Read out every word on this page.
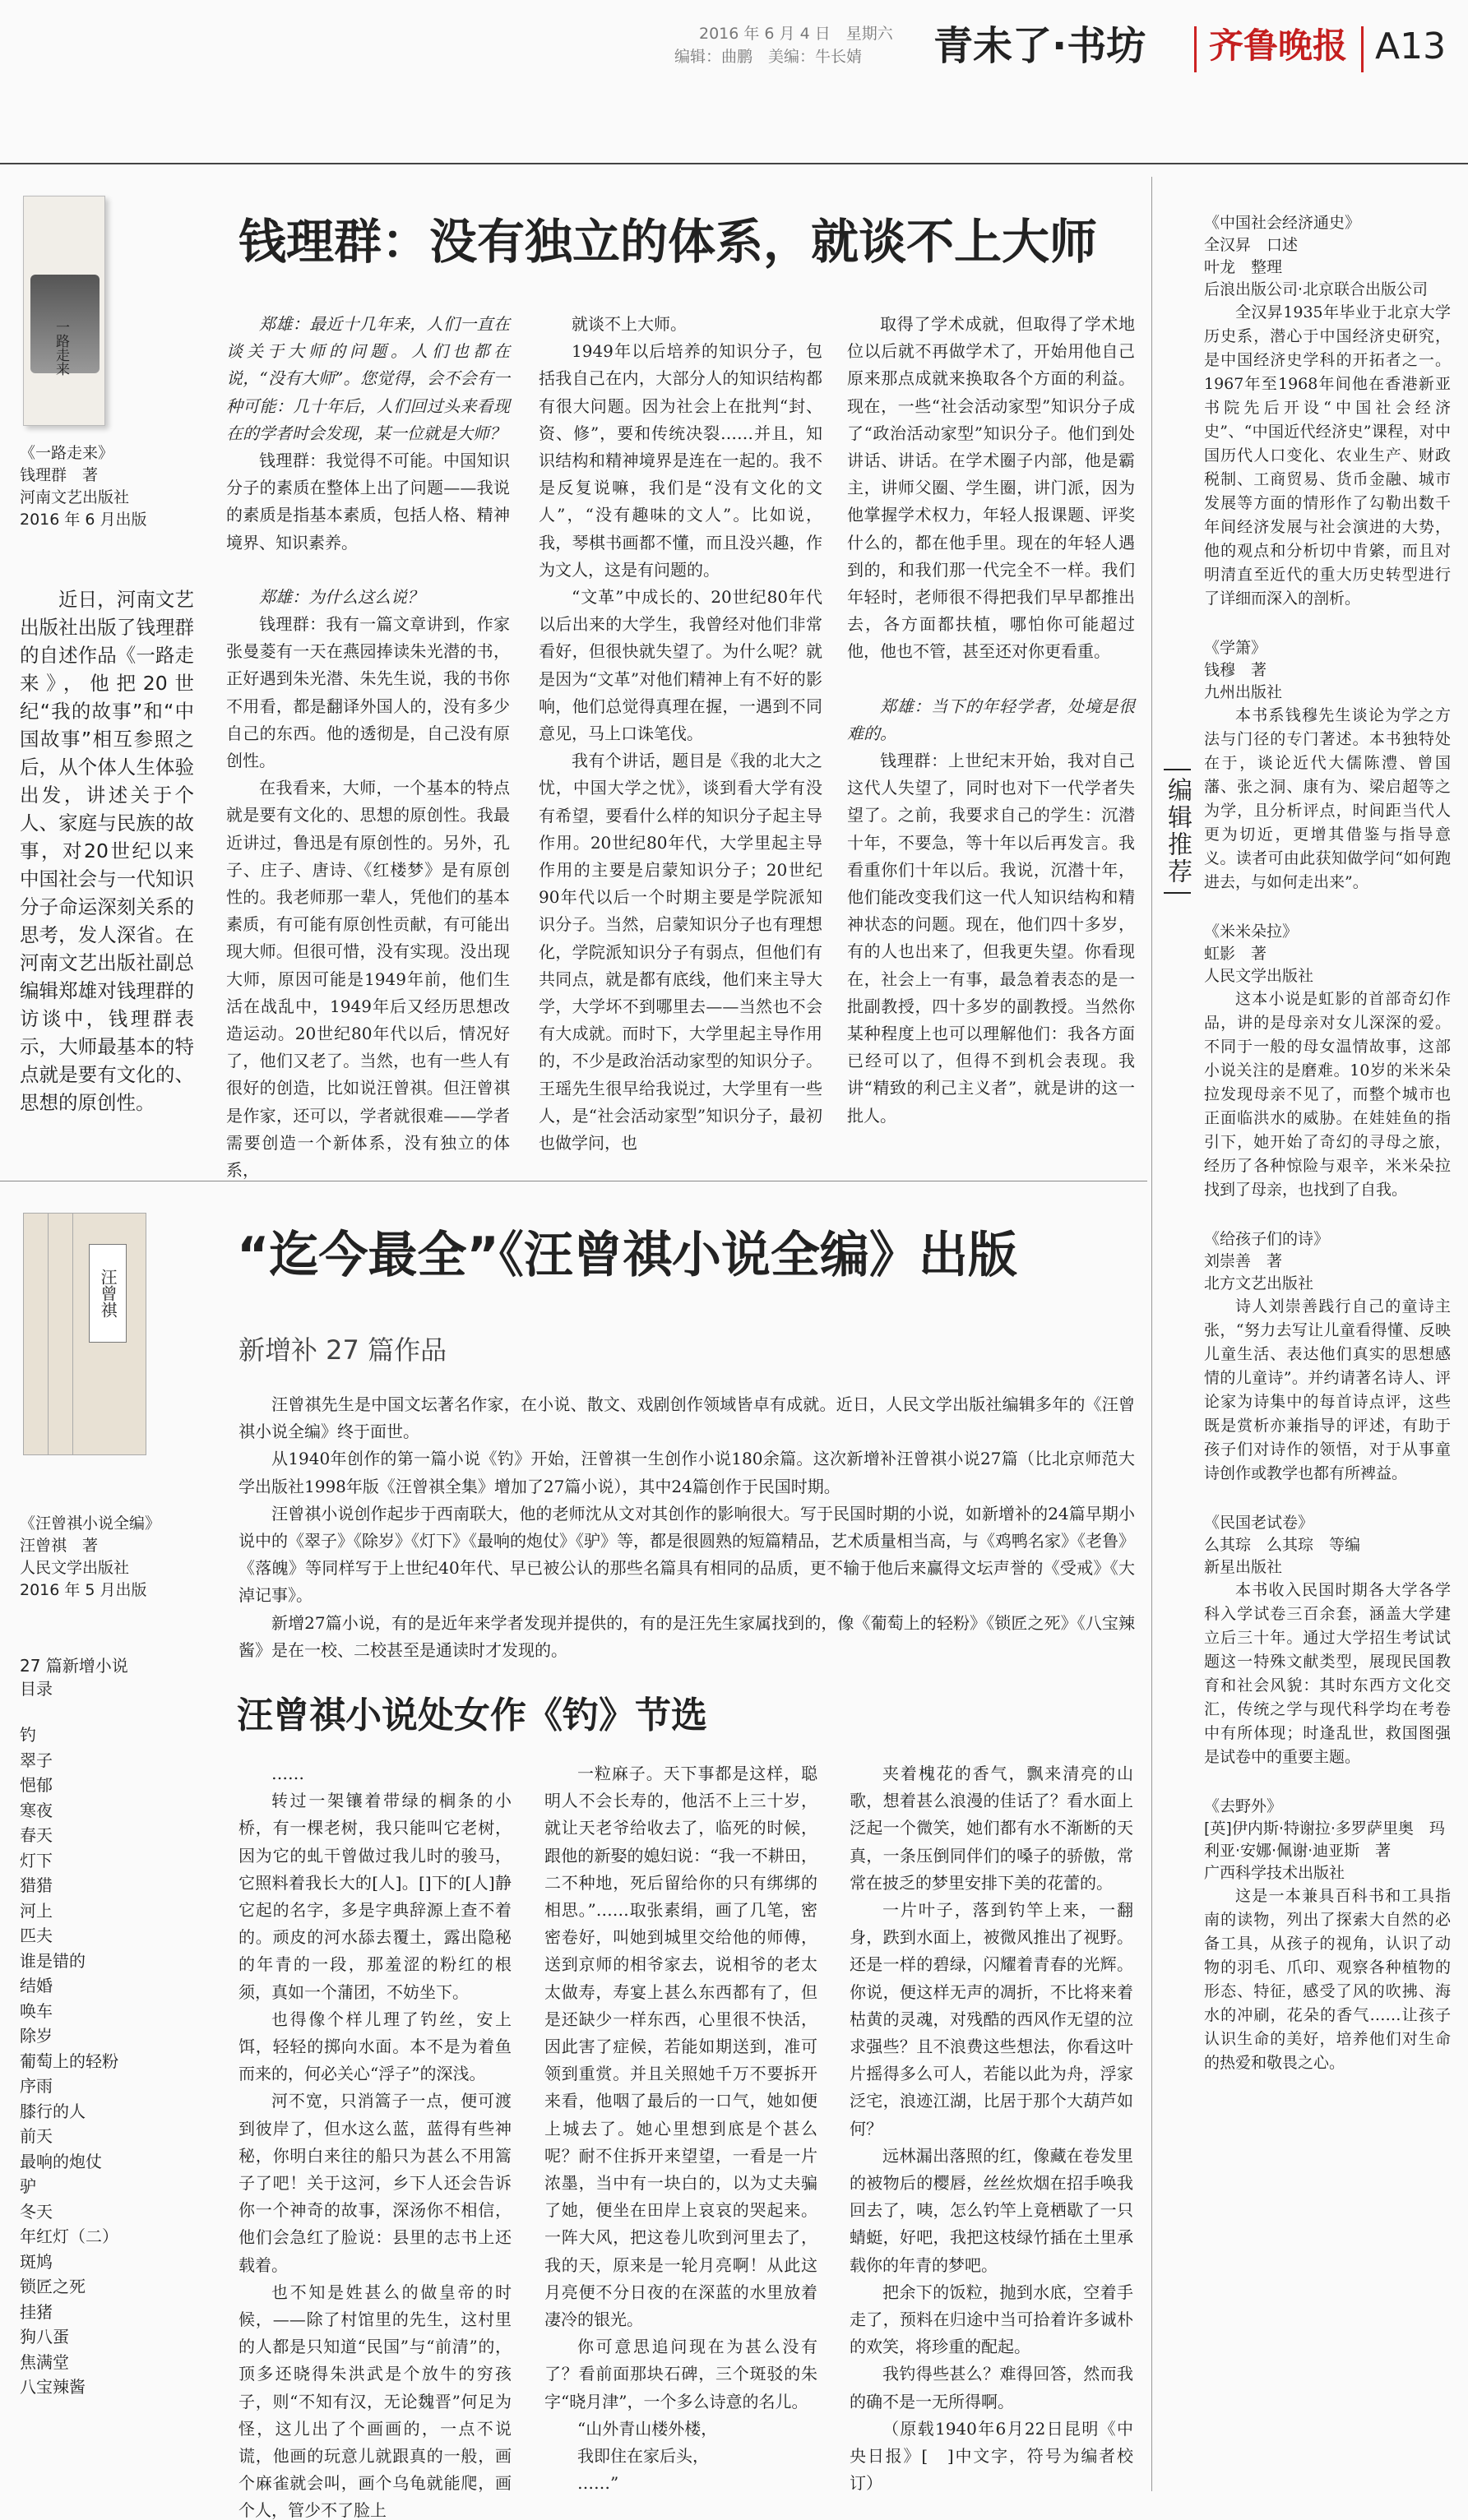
2016 年 6 月 4 日　星期六
编辑：曲鹏　美编：牛长婧 青未了·书坊 齐鲁晚报 A13
一路走来
《一路走来》
钱理群　著
河南文艺出版社
2016 年 6 月出版

近日，河南文艺出版社出版了钱理群的自述作品《一路走来》，他把20世纪“我的故事”和“中国故事”相互参照之后，从个体人生体验出发，讲述关于个人、家庭与民族的故事，对20世纪以来中国社会与一代知识分子命运深刻关系的思考，发人深省。在河南文艺出版社副总编辑郑雄对钱理群的访谈中，钱理群表示，大师最基本的特点就是要有文化的、思想的原创性。

钱理群：没有独立的体系，就谈不上大师

郑雄：最近十几年来，人们一直在谈关于大师的问题。人们也都在说，“没有大师”。您觉得，会不会有一种可能：几十年后，人们回过头来看现在的学者时会发现，某一位就是大师？

钱理群：我觉得不可能。中国知识分子的素质在整体上出了问题——我说的素质是指基本素质，包括人格、精神境界、知识素养。

郑雄：为什么这么说？

钱理群：我有一篇文章讲到，作家张曼菱有一天在燕园捧读朱光潜的书，正好遇到朱光潜、朱先生说，我的书你不用看，都是翻译外国人的，没有多少自己的东西。他的透彻是，自己没有原创性。

在我看来，大师，一个基本的特点就是要有文化的、思想的原创性。我最近讲过，鲁迅是有原创性的。另外，孔子、庄子、唐诗、《红楼梦》是有原创性的。我老师那一辈人，凭他们的基本素质，有可能有原创性贡献，有可能出现大师。但很可惜，没有实现。没出现大师，原因可能是1949年前，他们生活在战乱中，1949年后又经历思想改造运动。20世纪80年代以后，情况好了，他们又老了。当然，也有一些人有很好的创造，比如说汪曾祺。但汪曾祺是作家，还可以，学者就很难——学者需要创造一个新体系，没有独立的体系，

就谈不上大师。

1949年以后培养的知识分子，包括我自己在内，大部分人的知识结构都有很大问题。因为社会上在批判“封、资、修”，要和传统决裂……并且，知识结构和精神境界是连在一起的。我不是反复说嘛，我们是“没有文化的文人”，“没有趣味的文人”。比如说，我，琴棋书画都不懂，而且没兴趣，作为文人，这是有问题的。

“文革”中成长的、20世纪80年代以后出来的大学生，我曾经对他们非常看好，但很快就失望了。为什么呢？就是因为“文革”对他们精神上有不好的影响，他们总觉得真理在握，一遇到不同意见，马上口诛笔伐。

我有个讲话，题目是《我的北大之忧，中国大学之忧》，谈到看大学有没有希望，要看什么样的知识分子起主导作用。20世纪80年代，大学里起主导作用的主要是启蒙知识分子；20世纪90年代以后一个时期主要是学院派知识分子。当然，启蒙知识分子也有理想化，学院派知识分子有弱点，但他们有共同点，就是都有底线，他们来主导大学，大学坏不到哪里去——当然也不会有大成就。而时下，大学里起主导作用的，不少是政治活动家型的知识分子。王瑶先生很早给我说过，大学里有一些人，是“社会活动家型”知识分子，最初也做学问，也

取得了学术成就，但取得了学术地位以后就不再做学术了，开始用他自己原来那点成就来换取各个方面的利益。现在，一些“社会活动家型”知识分子成了“政治活动家型”知识分子。他们到处讲话、讲话。在学术圈子内部，他是霸主，讲师父圈、学生圈，讲门派，因为他掌握学术权力，年轻人报课题、评奖什么的，都在他手里。现在的年轻人遇到的，和我们那一代完全不一样。我们年轻时，老师很不得把我们早早都推出去，各方面都扶植，哪怕你可能超过他，他也不管，甚至还对你更看重。

郑雄：当下的年轻学者，处境是很难的。

钱理群：上世纪末开始，我对自己这代人失望了，同时也对下一代学者失望了。之前，我要求自己的学生：沉潜十年，不要急，等十年以后再发言。我看重你们十年以后。我说，沉潜十年，他们能改变我们这一代人知识结构和精神状态的问题。现在，他们四十多岁，有的人也出来了，但我更失望。你看现在，社会上一有事，最急着表态的是一批副教授，四十多岁的副教授。当然你某种程度上也可以理解他们：我各方面已经可以了，但得不到机会表现。我讲“精致的利己主义者”，就是讲的这一批人。

汪曾祺
《汪曾祺小说全编》
汪曾祺　著
人民文学出版社
2016 年 5 月出版
“迄今最全”《汪曾祺小说全编》出版
新增补 27 篇作品

汪曾祺先生是中国文坛著名作家，在小说、散文、戏剧创作领域皆卓有成就。近日，人民文学出版社编辑多年的《汪曾祺小说全编》终于面世。

从1940年创作的第一篇小说《钓》开始，汪曾祺一生创作小说180余篇。这次新增补汪曾祺小说27篇（比北京师范大学出版社1998年版《汪曾祺全集》增加了27篇小说），其中24篇创作于民国时期。

汪曾祺小说创作起步于西南联大，他的老师沈从文对其创作的影响很大。写于民国时期的小说，如新增补的24篇早期小说中的《翠子》《除岁》《灯下》《最响的炮仗》《驴》等，都是很圆熟的短篇精品，艺术质量相当高，与《鸡鸭名家》《老鲁》《落魄》等同样写于上世纪40年代、早已被公认的那些名篇具有相同的品质，更不输于他后来赢得文坛声誉的《受戒》《大淖记事》。

新增27篇小说，有的是近年来学者发现并提供的，有的是汪先生家属找到的，像《葡萄上的轻粉》《锁匠之死》《八宝辣酱》是在一校、二校甚至是通读时才发现的。

27 篇新增小说
目录
钓
翠子
悒郁
寒夜
春天
灯下
猎猎
河上
匹夫
谁是错的
结婚
唤车
除岁
葡萄上的轻粉
序雨
膝行的人
前天
最响的炮仗
驴
冬天
年红灯（二）
斑鸠
锁匠之死
挂猪
狗八蛋
焦满堂
八宝辣酱
汪曾祺小说处女作《钓》节选

……

转过一架镶着带绿的榈条的小桥，有一棵老树，我只能叫它老树，因为它的虬干曾做过我儿时的骏马，它照料着我长大的[人]。[]下的[人]静它起的名字，多是字典辞源上查不着的。顽皮的河水舔去覆土，露出隐秘的年青的一段，那羞涩的粉红的根须，真如一个蒲团，不妨坐下。

也得像个样儿理了钓丝，安上饵，轻轻的掷向水面。本不是为着鱼而来的，何必关心“浮子”的深浅。

河不宽，只消篙子一点，便可渡到彼岸了，但水这么蓝，蓝得有些神秘，你明白来往的船只为甚么不用篙子了吧！关于这河，乡下人还会告诉你一个神奇的故事，深汤你不相信，他们会急红了脸说：县里的志书上还载着。

也不知是姓甚么的做皇帝的时候，——除了村馆里的先生，这村里的人都是只知道“民国”与“前清”的，顶多还晓得朱洪武是个放牛的穷孩子，则“不知有汉，无论魏晋”何足为怪，这儿出了个画画的，一点不说谎，他画的玩意儿就跟真的一般，画个麻雀就会叫，画个乌龟就能爬，画个人，管少不了脸上

一粒麻子。天下事都是这样，聪明人不会长寿的，他活不上三十岁，就让天老爷给收去了，临死的时候，跟他的新娶的媳妇说：“我一不耕田，二不种地，死后留给你的只有绑绑的相思。”……取张素绢，画了几笔，密密卷好，叫她到城里交给他的师傅，送到京师的相爷家去，说相爷的老太太做寿，寿宴上甚么东西都有了，但是还缺少一样东西，心里很不快活，因此害了症候，若能如期送到，准可领到重赏。并且关照她千万不要拆开来看，他咽了最后的一口气，她如便上城去了。她心里想到底是个甚么呢？耐不住拆开来望望，一看是一片浓墨，当中有一块白的，以为丈夫骗了她，便坐在田岸上哀哀的哭起来。一阵大风，把这卷儿吹到河里去了，我的天，原来是一轮月亮啊！从此这月亮便不分日夜的在深蓝的水里放着凄冷的银光。

你可意思追问现在为甚么没有了？看前面那块石碑，三个斑驳的朱字“晓月津”，一个多么诗意的名儿。

“山外青山楼外楼，

我即住在家后头，

……”

夹着槐花的香气，飘来清亮的山歌，想着甚么浪漫的佳话了？看水面上泛起一个微笑，她们都有水不渐断的天真，一条压倒同伴们的嗓子的骄傲，常常在披乏的梦里安排下美的花蕾的。

一片叶子，落到钓竿上来，一翻身，跌到水面上，被微风推出了视野。还是一样的碧绿，闪耀着青春的光辉。你说，便这样无声的凋折，不比将来着枯黄的灵魂，对残酷的西风作无望的泣求强些？且不浪费这些想法，你看这叶片摇得多么可人，若能以此为舟，浮家泛宅，浪迹江湖，比居于那个大葫芦如何？

远林漏出落照的红，像藏在卷发里的被物后的樱唇，丝丝炊烟在招手唤我回去了，咦，怎么钓竿上竟栖歇了一只蜻蜓，好吧，我把这枝绿竹插在土里承载你的年青的梦吧。

把余下的饭粒，抛到水底，空着手走了，预料在归途中当可拾着许多诚朴的欢笑，将珍重的配起。

我钓得些甚么？难得回答，然而我的确不是一无所得啊。

（原载1940年6月22日昆明《中央日报》[　]中文字，符号为编者校订）

编辑推荐
《中国社会经济通史》
全汉昇　口述
叶龙　整理
后浪出版公司·北京联合出版公司

全汉昇1935年毕业于北京大学历史系，潜心于中国经济史研究，是中国经济史学科的开拓者之一。1967年至1968年间他在香港新亚书院先后开设“中国社会经济史”、“中国近代经济史”课程，对中国历代人口变化、农业生产、财政税制、工商贸易、货币金融、城市发展等方面的情形作了勾勒出数千年间经济发展与社会演进的大势，他的观点和分析切中肯綮，而且对明清直至近代的重大历史转型进行了详细而深入的剖析。

《学箫》
钱穆　著
九州出版社

本书系钱穆先生谈论为学之方法与门径的专门著述。本书独特处在于，谈论近代大儒陈澧、曾国藩、张之洞、康有为、梁启超等之为学，且分析评点，时间距当代人更为切近，更增其借鉴与指导意义。读者可由此获知做学问“如何跑进去，与如何走出来”。

《米米朵拉》
虹影　著
人民文学出版社

这本小说是虹影的首部奇幻作品，讲的是母亲对女儿深深的爱。不同于一般的母女温情故事，这部小说关注的是磨难。10岁的米米朵拉发现母亲不见了，而整个城市也正面临洪水的威胁。在娃娃鱼的指引下，她开始了奇幻的寻母之旅，经历了各种惊险与艰辛，米米朵拉找到了母亲，也找到了自我。

《给孩子们的诗》
刘崇善　著
北方文艺出版社

诗人刘崇善践行自己的童诗主张，“努力去写让儿童看得懂、反映儿童生活、表达他们真实的思想感情的儿童诗”。并约请著名诗人、评论家为诗集中的每首诗点评，这些既是赏析亦兼指导的评述，有助于孩子们对诗作的领悟，对于从事童诗创作或教学也都有所裨益。

《民国老试卷》
么其琮　么其琮　等编
新星出版社

本书收入民国时期各大学各学科入学试卷三百余套，涵盖大学建立后三十年。通过大学招生考试试题这一特殊文献类型，展现民国教育和社会风貌：其时东西方文化交汇，传统之学与现代科学均在考卷中有所体现；时逢乱世，救国图强是试卷中的重要主题。

《去野外》
[英]伊内斯·特谢拉·多罗萨里奥　玛利亚·安娜·佩谢·迪亚斯　著
广西科学技术出版社

这是一本兼具百科书和工具指南的读物，列出了探索大自然的必备工具，从孩子的视角，认识了动物的羽毛、爪印、观察各种植物的形态、特征，感受了风的吹拂、海水的冲刷，花朵的香气……让孩子认识生命的美好，培养他们对生命的热爱和敬畏之心。
